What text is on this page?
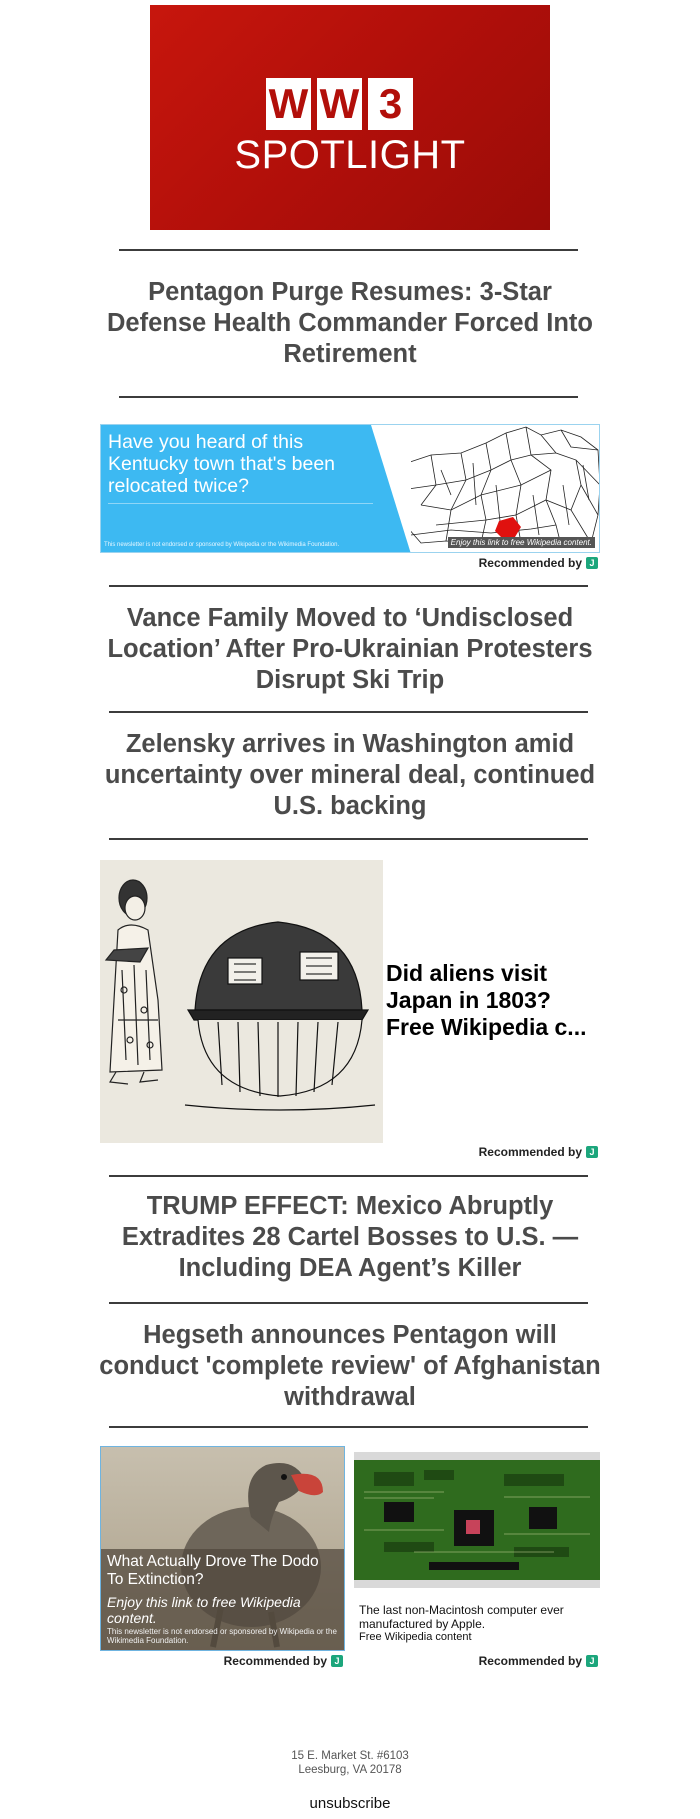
W W 3
SPOTLIGHT
Pentagon Purge Resumes: 3-Star Defense Health Commander Forced Into Retirement
Have you heard of this Kentucky town that's been relocated twice?
This newsletter is not endorsed or sponsored by Wikipedia or the Wikimedia Foundation.	Enjoy this link to free Wikipedia content.
Recommended by J
Vance Family Moved to ‘Undisclosed Location’ After Pro-Ukrainian Protesters Disrupt Ski Trip
Zelensky arrives in Washington amid uncertainty over mineral deal, continued U.S. backing
Did aliens visit Japan in 1803? Free Wikipedia c...
Recommended by J
TRUMP EFFECT: Mexico Abruptly Extradites 28 Cartel Bosses to U.S. — Including DEA Agent’s Killer
Hegseth announces Pentagon will conduct 'complete review' of Afghanistan withdrawal
What Actually Drove The Dodo To Extinction?
Enjoy this link to free Wikipedia content.
This newsletter is not endorsed or sponsored by Wikipedia or the Wikimedia Foundation.
Recommended by J
The last non-Macintosh computer ever manufactured by Apple.
Free Wikipedia content
Recommended by J
15 E. Market St. #6103
Leesburg, VA 20178
unsubscribe
